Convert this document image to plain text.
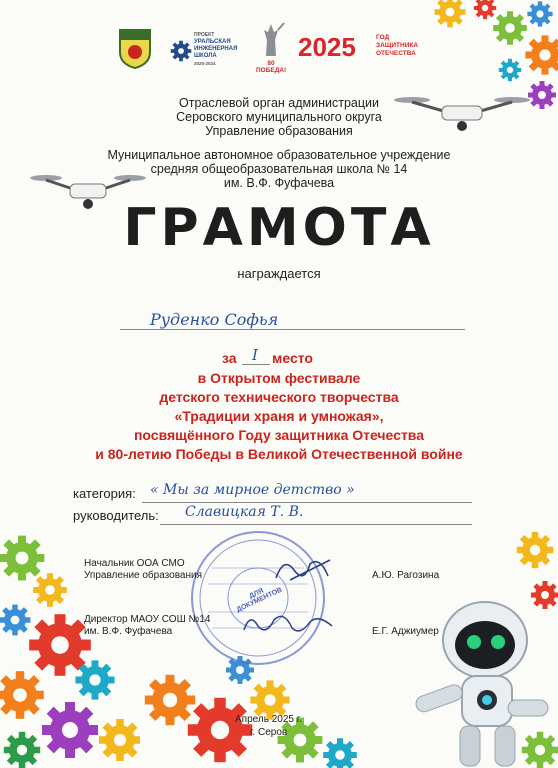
ПРОЕКТ
УРАЛЬСКАЯ
ИНЖЕНЕРНАЯ
ШКОЛА
2020-2024	80 ПОБЕДА!
2025	ГОД
ЗАЩИТНИКА
ОТЕЧЕСТВА
Отраслевой орган администрации
Серовского муниципального округа
Управление образования
Муниципальное автономное образовательное учреждение
средняя общеобразовательная школа № 14
им. В.Ф. Фуфачева
ГРАМОТА
награждается
Руденко Софья
за I место
в Открытом фестивале
детского технического творчества
«Традиции храня и умножая»,
посвящённого Году защитника Отечества
и 80-летию Победы в Великой Отечественной войне
категория: « Мы за мирное детство »
руководитель: Славицкая Т. В.
ДЛЯ ДОКУМЕНТОВ
Начальник ООА СМО
Управление образования	А.Ю. Рагозина
Директор МАОУ СОШ №14
им. В.Ф. Фуфачева	Е.Г. Аджиумер
Апрель 2025 г.
г. Серов
